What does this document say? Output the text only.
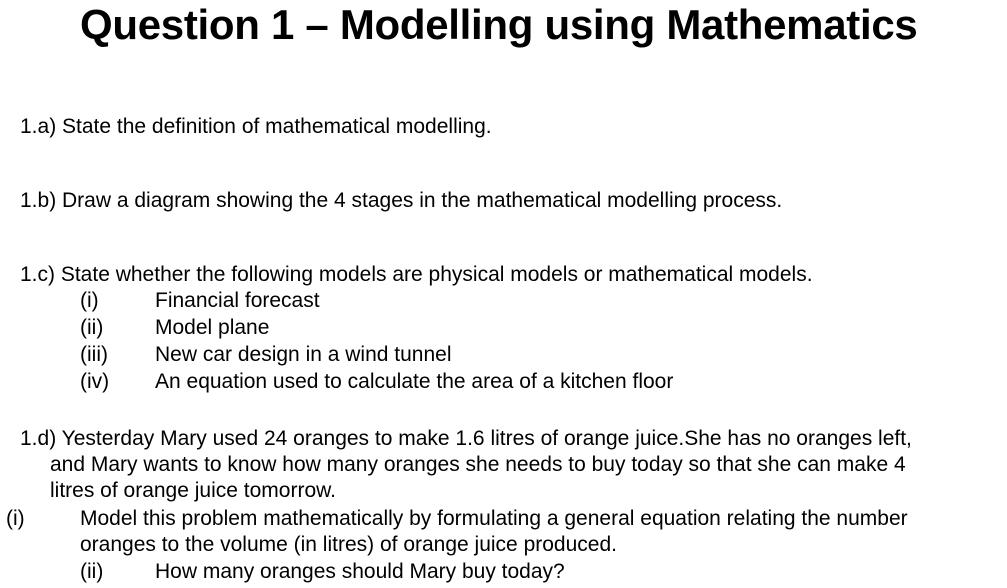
Question 1 – Modelling using Mathematics
1.a) State the definition of mathematical modelling.
1.b) Draw a diagram showing the 4 stages in the mathematical modelling process.
1.c) State whether the following models are physical models or mathematical models.
(i)	Financial forecast
(ii) Model plane
(iii) New car design in a wind tunnel
(iv) An equation used to calculate the area of a kitchen floor
1.d) Yesterday Mary used 24 oranges to make 1.6 litres of orange juice.She has no oranges left,
and Mary wants to know how many oranges she needs to buy today so that she can make 4
litres of orange juice tomorrow.
(i)	Model this problem mathematically by formulating a general equation relating the number
oranges to the volume (in litres) of orange juice produced.
(ii) How many oranges should Mary buy today?
